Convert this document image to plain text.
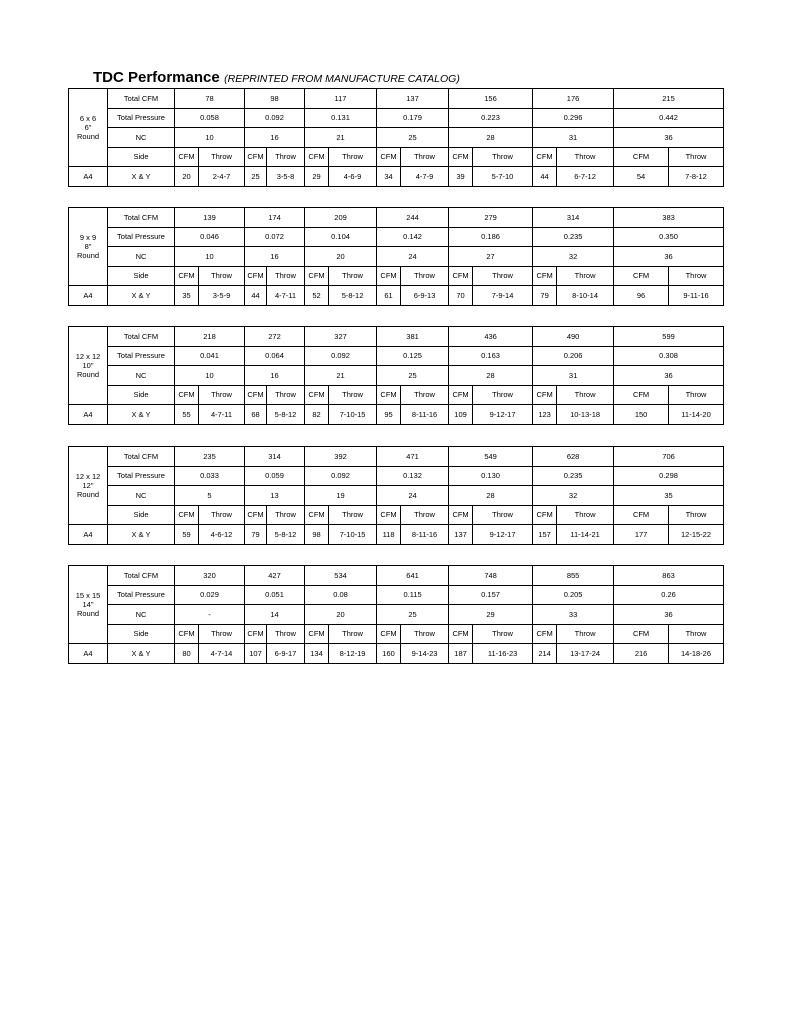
TDC Performance (REPRINTED FROM MANUFACTURE CATALOG)
6 x 6
6"
Round	Total CFM	78		98		117		137		156		176		215	
	Total Pressure	0.058		0.092		0.131		0.179		0.223		0.296		0.442	
	NC	10		16		21		25		28		31		36	
	Side	CFM	Throw	CFM	Throw	CFM	Throw	CFM	Throw	CFM	Throw	CFM	Throw	CFM	Throw
A4	X & Y	20	2-4-7	25	3-5-8	29	4-6-9	34	4-7-9	39	5-7-10	44	6-7-12	54	7-8-12
9 x 9
8"
Round	Total CFM	139		174		209		244		279		314		383	
	Total Pressure	0.046		0.072		0.104		0.142		0.186		0.235		0.350	
	NC	10		16		20		24		27		32		36	
	Side	CFM	Throw	CFM	Throw	CFM	Throw	CFM	Throw	CFM	Throw	CFM	Throw	CFM	Throw
A4	X & Y	35	3-5-9	44	4-7-11	52	5-8-12	61	6-9-13	70	7-9-14	79	8-10-14	96	9-11-16
12 x 12
10"
Round	Total CFM	218		272		327		381		436		490		599	
	Total Pressure	0.041		0.064		0.092		0.125		0.163		0.206		0.308	
	NC	10		16		21		25		28		31		36	
	Side	CFM	Throw	CFM	Throw	CFM	Throw	CFM	Throw	CFM	Throw	CFM	Throw	CFM	Throw
A4	X & Y	55	4-7-11	68	5-8-12	82	7-10-15	95	8-11-16	109	9-12-17	123	10-13-18	150	11-14-20
12 x 12
12"
Round	Total CFM	235		314		392		471		549		628		706	
	Total Pressure	0.033		0.059		0.092		0.132		0.130		0.235		0.298	
	NC	5		13		19		24		28		32		35	
	Side	CFM	Throw	CFM	Throw	CFM	Throw	CFM	Throw	CFM	Throw	CFM	Throw	CFM	Throw
A4	X & Y	59	4-6-12	79	5-8-12	98	7-10-15	118	8-11-16	137	9-12-17	157	11-14-21	177	12-15-22
15 x 15
14"
Round	Total CFM	320		427		534		641		748		855		863	
	Total Pressure	0.029		0.051		0.08		0.115		0.157		0.205		0.26	
	NC	-		14		20		25		29		33		36	
	Side	CFM	Throw	CFM	Throw	CFM	Throw	CFM	Throw	CFM	Throw	CFM	Throw	CFM	Throw
A4	X & Y	80	4-7-14	107	6-9-17	134	8-12-19	160	9-14-23	187	11-16-23	214	13-17-24	216	14-18-26
